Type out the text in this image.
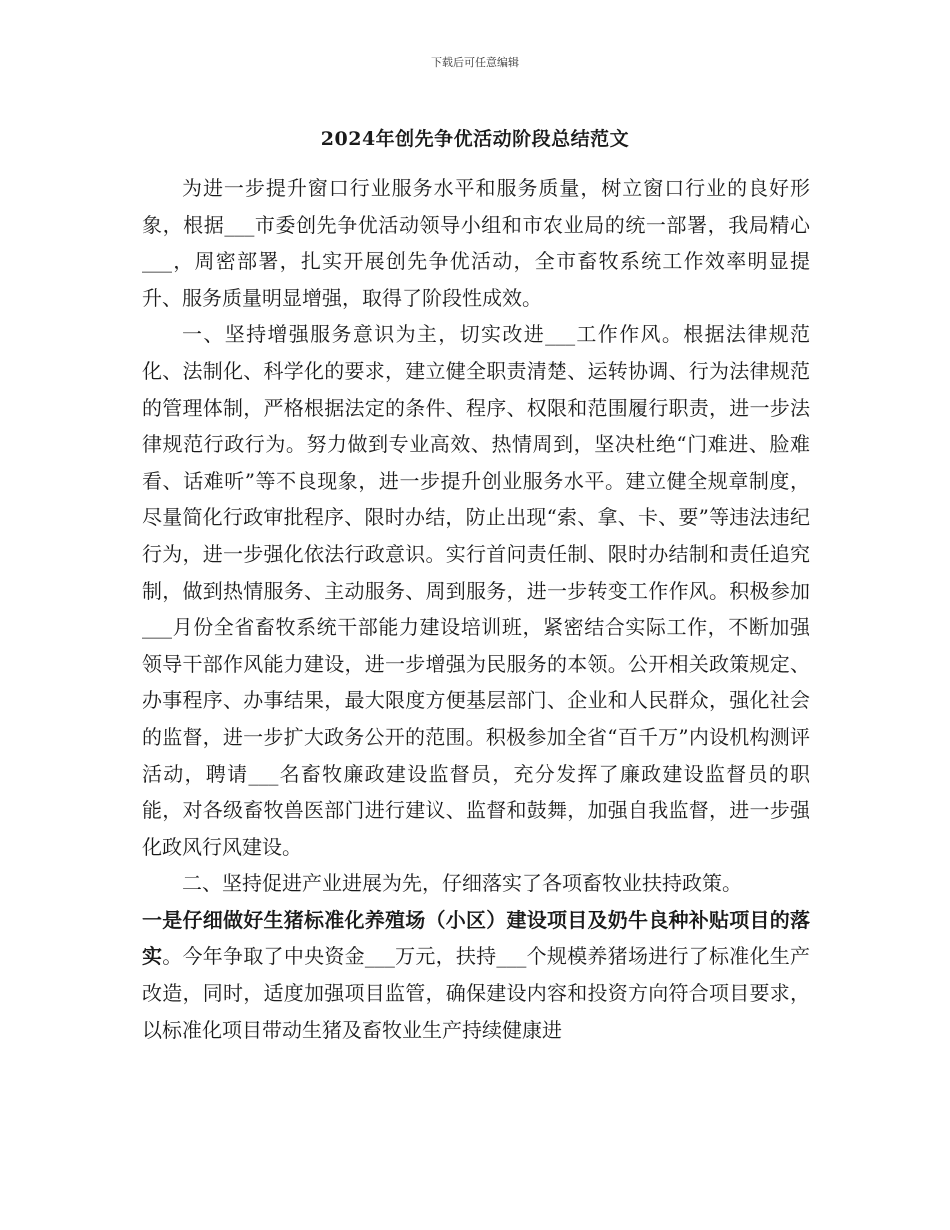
下载后可任意编辑
2024年创先争优活动阶段总结范文

为进一步提升窗口行业服务水平和服务质量，树立窗口行业的良好形象，根据___市委创先争优活动领导小组和市农业局的统一部署，我局精心___，周密部署，扎实开展创先争优活动，全市畜牧系统工作效率明显提升、服务质量明显增强，取得了阶段性成效。

一、坚持增强服务意识为主，切实改进___工作作风。根据法律规范化、法制化、科学化的要求，建立健全职责清楚、运转协调、行为法律规范的管理体制，严格根据法定的条件、程序、权限和范围履行职责，进一步法律规范行政行为。努力做到专业高效、热情周到，坚决杜绝“门难进、脸难看、话难听”等不良现象，进一步提升创业服务水平。建立健全规章制度，尽量简化行政审批程序、限时办结，防止出现“索、拿、卡、要”等违法违纪行为，进一步强化依法行政意识。实行首问责任制、限时办结制和责任追究制，做到热情服务、主动服务、周到服务，进一步转变工作作风。积极参加___月份全省畜牧系统干部能力建设培训班，紧密结合实际工作，不断加强领导干部作风能力建设，进一步增强为民服务的本领。公开相关政策规定、办事程序、办事结果，最大限度方便基层部门、企业和人民群众，强化社会的监督，进一步扩大政务公开的范围。积极参加全省“百千万”内设机构测评活动，聘请___名畜牧廉政建设监督员，充分发挥了廉政建设监督员的职能，对各级畜牧兽医部门进行建议、监督和鼓舞，加强自我监督，进一步强化政风行风建设。

二、坚持促进产业进展为先，仔细落实了各项畜牧业扶持政策。

一是仔细做好生猪标准化养殖场（小区）建设项目及奶牛良种补贴项目的落实。今年争取了中央资金___万元，扶持___个规模养猪场进行了标准化生产改造，同时，适度加强项目监管，确保建设内容和投资方向符合项目要求，以标准化项目带动生猪及畜牧业生产持续健康进
